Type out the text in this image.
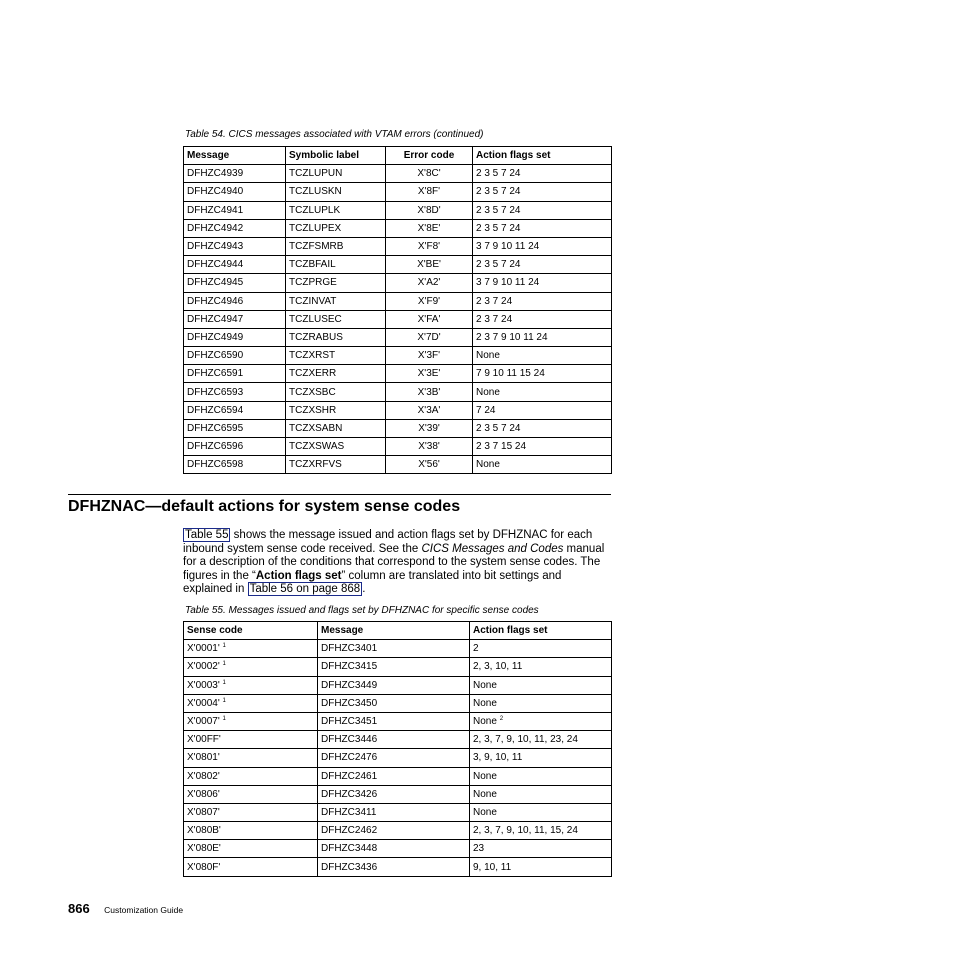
Table 54. CICS messages associated with VTAM errors (continued)
Message	Symbolic label	Error code	Action flags set
DFHZC4939	TCZLUPUN	X'8C'	2 3 5 7 24
DFHZC4940	TCZLUSKN	X'8F'	2 3 5 7 24
DFHZC4941	TCZLUPLK	X'8D'	2 3 5 7 24
DFHZC4942	TCZLUPEX	X'8E'	2 3 5 7 24
DFHZC4943	TCZFSMRB	X'F8'	3 7 9 10 11 24
DFHZC4944	TCZBFAIL	X'BE'	2 3 5 7 24
DFHZC4945	TCZPRGE	X'A2'	3 7 9 10 11 24
DFHZC4946	TCZINVAT	X'F9'	2 3 7 24
DFHZC4947	TCZLUSEC	X'FA'	2 3 7 24
DFHZC4949	TCZRABUS	X'7D'	2 3 7 9 10 11 24
DFHZC6590	TCZXRST	X'3F'	None
DFHZC6591	TCZXERR	X'3E'	7 9 10 11 15 24
DFHZC6593	TCZXSBC	X'3B'	None
DFHZC6594	TCZXSHR	X'3A'	7 24
DFHZC6595	TCZXSABN	X'39'	2 3 5 7 24
DFHZC6596	TCZXSWAS	X'38'	2 3 7 15 24
DFHZC6598	TCZXRFVS	X'56'	None
DFHZNAC—default actions for system sense codes
Table 55 shows the message issued and action flags set by DFHZNAC for each inbound system sense code received. See the CICS Messages and Codes manual for a description of the conditions that correspond to the system sense codes. The figures in the “Action flags set” column are translated into bit settings and explained in Table 56 on page 868 .
Table 55. Messages issued and flags set by DFHZNAC for specific sense codes
Sense code	Message	Action flags set
X'0001' $^1$	DFHZC3401	2
X'0002' $^1$	DFHZC3415	2, 3, 10, 11
X'0003' $^1$	DFHZC3449	None
X'0004' $^1$	DFHZC3450	None
X'0007' $^1$	DFHZC3451	None $^2$
X'00FF'	DFHZC3446	2, 3, 7, 9, 10, 11, 23, 24
X'0801'	DFHZC2476	3, 9, 10, 11
X'0802'	DFHZC2461	None
X'0806'	DFHZC3426	None
X'0807'	DFHZC3411	None
X'080B'	DFHZC2462	2, 3, 7, 9, 10, 11, 15, 24
X'080E'	DFHZC3448	23
X'080F'	DFHZC3436	9, 10, 11
866 Customization Guide
